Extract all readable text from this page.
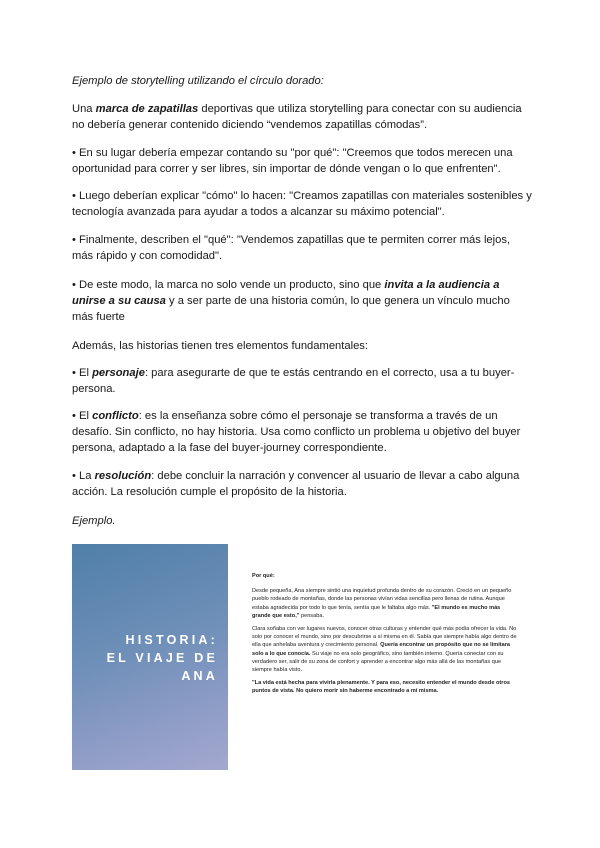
Ejemplo de storytelling utilizando el círculo dorado:

Una marca de zapatillas deportivas que utiliza storytelling para conectar con su audiencia no debería generar contenido diciendo “vendemos zapatillas cómodas”.

• En su lugar debería empezar contando su "por qué": "Creemos que todos merecen una oportunidad para correr y ser libres, sin importar de dónde vengan o lo que enfrenten".

• Luego deberían explicar "cómo" lo hacen: "Creamos zapatillas con materiales sostenibles y tecnología avanzada para ayudar a todos a alcanzar su máximo potencial".

• Finalmente, describen el "qué": "Vendemos zapatillas que te permiten correr más lejos, más rápido y con comodidad".

• De este modo, la marca no solo vende un producto, sino que invita a la audiencia a unirse a su causa y a ser parte de una historia común, lo que genera un vínculo mucho más fuerte

Además, las historias tienen tres elementos fundamentales:

• El personaje: para asegurarte de que te estás centrando en el correcto, usa a tu buyer-persona.

• El conflicto: es la enseñanza sobre cómo el personaje se transforma a través de un desafío. Sin conflicto, no hay historia. Usa como conflicto un problema u objetivo del buyer persona, adaptado a la fase del buyer-journey correspondiente.

• La resolución: debe concluir la narración y convencer al usuario de llevar a cabo alguna acción. La resolución cumple el propósito de la historia.

Ejemplo.

HISTORIA:
EL VIAJE DE
ANA

Por qué:

Desde pequeña, Ana siempre sintió una inquietud profunda dentro de su corazón. Creció en un pequeño pueblo rodeado de montañas, donde las personas vivían vidas sencillas pero llenas de rutina. Aunque estaba agradecida por todo lo que tenía, sentía que le faltaba algo más. "El mundo es mucho más grande que esto," pensaba.

Clara soñaba con ver lugares nuevos, conocer otras culturas y entender qué más podía ofrecer la vida. No solo por conocer el mundo, sino por descubrirse a sí misma en él. Sabía que siempre había algo dentro de ella que anhelaba aventura y crecimiento personal. Quería encontrar un propósito que no se limitara solo a lo que conocía. Su viaje no era solo geográfico, sino también interno. Quería conectar con su verdadero ser, salir de su zona de confort y aprender a encontrar algo más allá de las montañas que siempre había visto.

"La vida está hecha para vivirla plenamente. Y para eso, necesito entender el mundo desde otros puntos de vista. No quiero morir sin haberme encontrado a mí misma.
